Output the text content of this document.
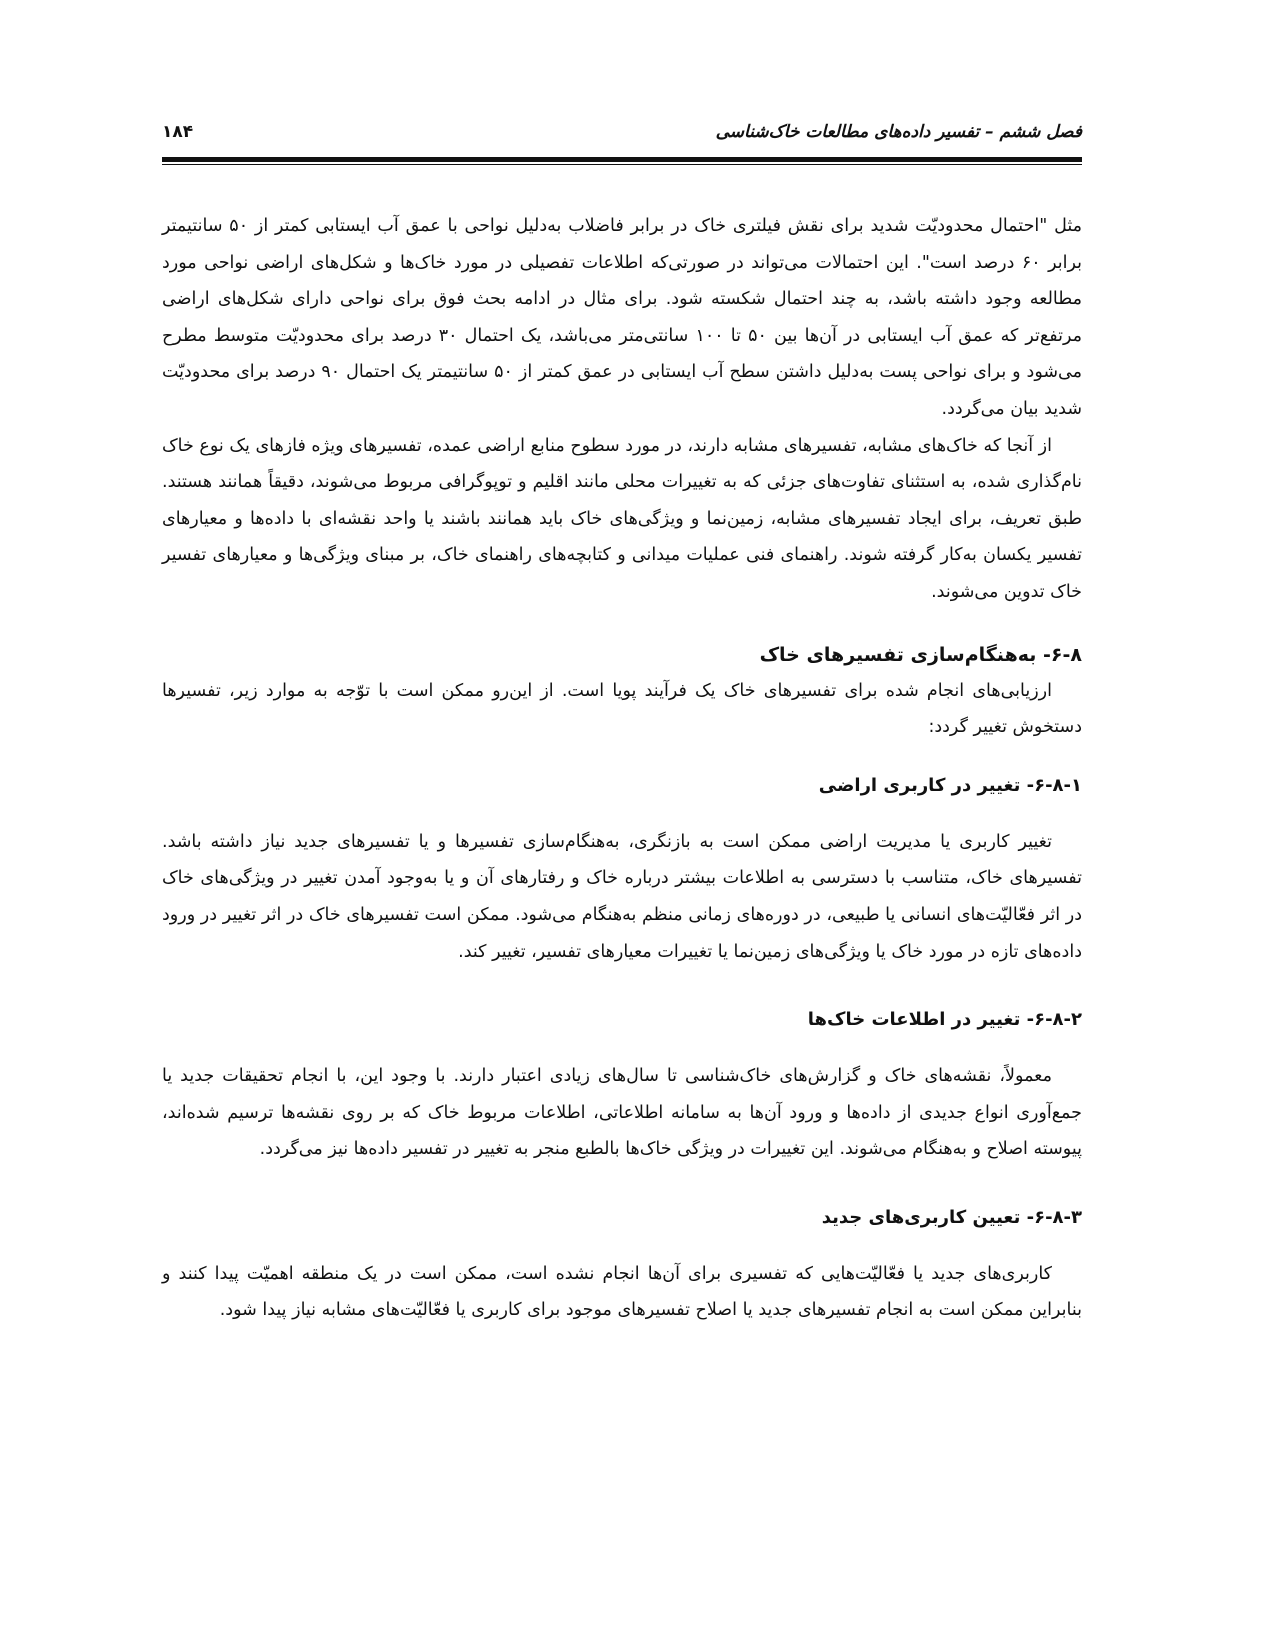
فصل ششم – تفسیر داده‌های مطالعات خاک‌شناسی
۱۸۴

مثل "احتمال محدودیّت شدید برای نقش فیلتری خاک در برابر فاضلاب به‌دلیل نواحی با عمق آب ایستابی کمتر از ۵۰ سانتیمتر برابر ۶۰ درصد است". این احتمالات می‌تواند در صورتی‌که اطلاعات تفصیلی در مورد خاک‌ها و شکل‌های اراضی نواحی مورد مطالعه وجود داشته باشد، به چند احتمال شکسته شود. برای مثال در ادامه بحث فوق برای نواحی دارای شکل‌های اراضی مرتفع‌تر که عمق آب ایستابی در آن‌ها بین ۵۰ تا ۱۰۰ سانتی‌متر می‌باشد، یک احتمال ۳۰ درصد برای محدودیّت متوسط مطرح می‌شود و برای نواحی پست به‌دلیل داشتن سطح آب ایستابی در عمق کمتر از ۵۰ سانتیمتر یک احتمال ۹۰ درصد برای محدودیّت شدید بیان می‌گردد.

از آنجا که خاک‌های مشابه، تفسیرهای مشابه دارند، در مورد سطوح منابع اراضی عمده، تفسیرهای ویژه فازهای یک نوع خاک نام‌گذاری شده، به استثنای تفاوت‌های جزئی که به تغییرات محلی مانند اقلیم و توپوگرافی مربوط می‌شوند، دقیقاً همانند هستند. طبق تعریف، برای ایجاد تفسیرهای مشابه، زمین‌نما و ویژگی‌های خاک باید همانند باشند یا واحد نقشه‌ای با داده‌ها و معیارهای تفسیر یکسان به‌کار گرفته شوند. راهنمای فنی عملیات میدانی و کتابچه‌های راهنمای خاک، بر مبنای ویژگی‌ها و معیارهای تفسیر خاک تدوین می‌شوند.

۶-۸- به‌هنگام‌سازی تفسیرهای خاک

ارزیابی‌های انجام شده برای تفسیرهای خاک یک فرآیند پویا است. از این‌رو ممکن است با توّجه به موارد زیر، تفسیرها دستخوش تغییر گردد:

۶-۸-۱- تغییر در کاربری اراضی

تغییر کاربری یا مدیریت اراضی ممکن است به بازنگری، به‌هنگام‌سازی تفسیرها و یا تفسیرهای جدید نیاز داشته باشد. تفسیرهای خاک، متناسب با دسترسی به اطلاعات بیشتر درباره خاک و رفتارهای آن و یا به‌وجود آمدن تغییر در ویژگی‌های خاک در اثر فعّالیّت‌های انسانی یا طبیعی، در دوره‌های زمانی منظم به‌هنگام می‌شود. ممکن است تفسیرهای خاک در اثر تغییر در ورود داده‌های تازه در مورد خاک یا ویژگی‌های زمین‌نما یا تغییرات معیارهای تفسیر، تغییر کند.

۶-۸-۲- تغییر در اطلاعات خاک‌ها

معمولاً، نقشه‌های خاک و گزارش‌های خاک‌شناسی تا سال‌های زیادی اعتبار دارند. با وجود این، با انجام تحقیقات جدید یا جمع‌آوری انواع جدیدی از داده‌ها و ورود آن‌ها به سامانه اطلاعاتی، اطلاعات مربوط خاک که بر روی نقشه‌ها ترسیم شده‌اند، پیوسته اصلاح و به‌هنگام می‌شوند. این تغییرات در ویژگی خاک‌ها بالطبع منجر به تغییر در تفسیر داده‌ها نیز می‌گردد.

۶-۸-۳- تعیین کاربری‌های جدید

کاربری‌های جدید یا فعّالیّت‌هایی که تفسیری برای آن‌ها انجام نشده است، ممکن است در یک منطقه اهمیّت پیدا کنند و بنابراین ممکن است به انجام تفسیرهای جدید یا اصلاح تفسیرهای موجود برای کاربری یا فعّالیّت‌های مشابه نیاز پیدا شود.
